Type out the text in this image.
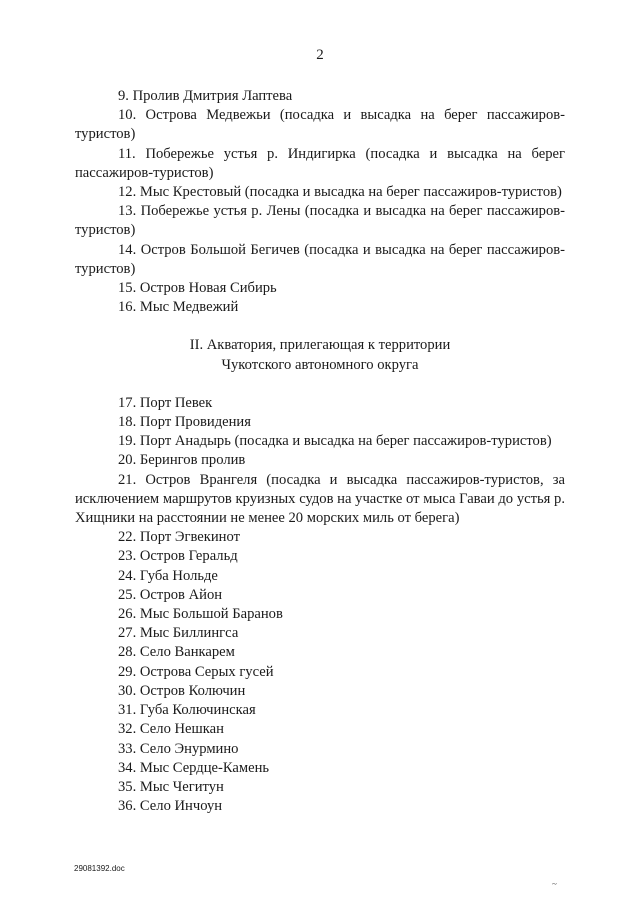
2

9. Пролив Дмитрия Лаптева

10. Острова Медвежьи (посадка и высадка на берег пассажиров-туристов)

11. Побережье устья р. Индигирка (посадка и высадка на берег пассажиров-туристов)

12. Мыс Крестовый (посадка и высадка на берег пассажиров-туристов)

13. Побережье устья р. Лены (посадка и высадка на берег пассажиров-туристов)

14. Остров Большой Бегичев (посадка и высадка на берег пассажиров-туристов)

15. Остров Новая Сибирь

16. Мыс Медвежий

II. Акватория, прилегающая к территории

Чукотского автономного округа

17. Порт Певек

18. Порт Провидения

19. Порт Анадырь (посадка и высадка на берег пассажиров-туристов)

20. Берингов пролив

21. Остров Врангеля (посадка и высадка пассажиров-туристов, за исключением маршрутов круизных судов на участке от мыса Гаваи до устья р. Хищники на расстоянии не менее 20 морских миль от берега)

22. Порт Эгвекинот

23. Остров Геральд

24. Губа Нольде

25. Остров Айон

26. Мыс Большой Баранов

27. Мыс Биллингса

28. Село Ванкарем

29. Острова Серых гусей

30. Остров Колючин

31. Губа Колючинская

32. Село Нешкан

33. Село Энурмино

34. Мыс Сердце-Камень

35. Мыс Чегитун

36. Село Инчоун

29081392.doc
~
